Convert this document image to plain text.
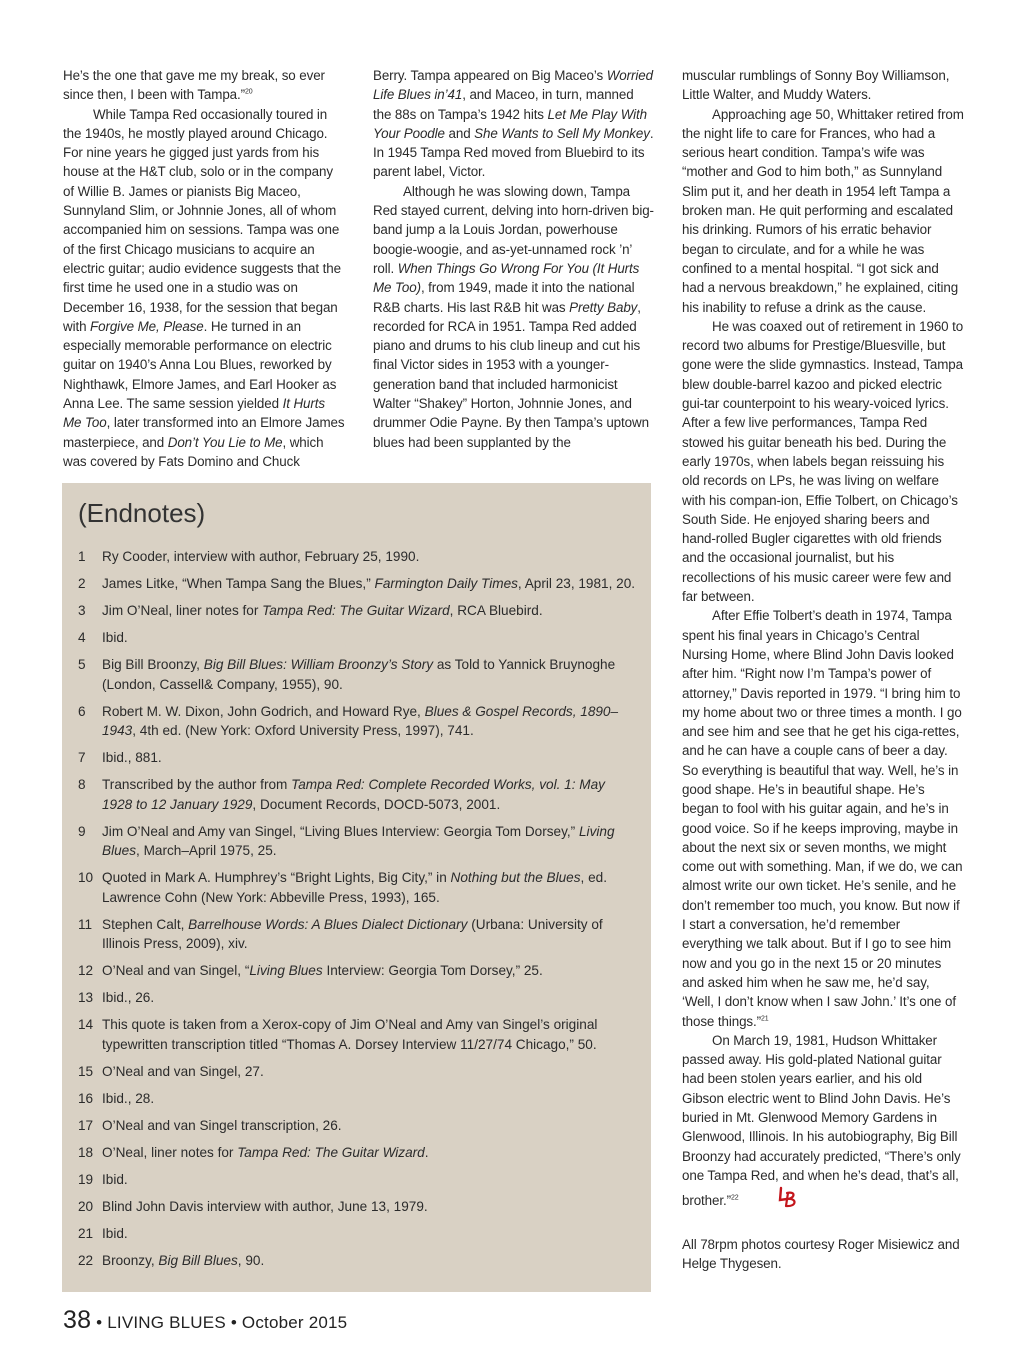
He’s the one that gave me my break, so ever since then, I been with Tampa.”$^{20}$

While Tampa Red occasionally toured in the 1940s, he mostly played around Chicago. For nine years he gigged just yards from his house at the H&T club, solo or in the company of Willie B. James or pianists Big Maceo, Sunnyland Slim, or Johnnie Jones, all of whom accompanied him on sessions. Tampa was one of the first Chicago musicians to acquire an electric guitar; audio evidence suggests that the first time he used one in a studio was on December 16, 1938, for the session that began with Forgive Me, Please. He turned in an especially memorable performance on electric guitar on 1940’s Anna Lou Blues, reworked by Nighthawk, Elmore James, and Earl Hooker as Anna Lee. The same session yielded It Hurts Me Too, later transformed into an Elmore James masterpiece, and Don’t You Lie to Me, which was covered by Fats Domino and Chuck

Berry. Tampa appeared on Big Maceo’s Worried Life Blues in’41, and Maceo, in turn, manned the 88s on Tampa’s 1942 hits Let Me Play With Your Poodle and She Wants to Sell My Monkey. In 1945 Tampa Red moved from Bluebird to its parent label, Victor.

Although he was slowing down, Tampa Red stayed current, delving into horn-driven big-band jump a la Louis Jordan, powerhouse boogie-woogie, and as-yet-unnamed rock ’n’ roll. When Things Go Wrong For You (It Hurts Me Too), from 1949, made it into the national R&B charts. His last R&B hit was Pretty Baby, recorded for RCA in 1951. Tampa Red added piano and drums to his club lineup and cut his final Victor sides in 1953 with a younger-generation band that included harmonicist Walter “Shakey” Horton, Johnnie Jones, and drummer Odie Payne. By then Tampa’s uptown blues had been supplanted by the

muscular rumblings of Sonny Boy Williamson, Little Walter, and Muddy Waters.

Approaching age 50, Whittaker retired from the night life to care for Frances, who had a serious heart condition. Tampa’s wife was “mother and God to him both,” as Sunnyland Slim put it, and her death in 1954 left Tampa a broken man. He quit performing and escalated his drinking. Rumors of his erratic behavior began to circulate, and for a while he was confined to a mental hospital. “I got sick and had a nervous breakdown,” he explained, citing his inability to refuse a drink as the cause.

He was coaxed out of retirement in 1960 to record two albums for Prestige/Bluesville, but gone were the slide gymnastics. Instead, Tampa blew double-barrel kazoo and picked electric gui-tar counterpoint to his weary-voiced lyrics. After a few live performances, Tampa Red stowed his guitar beneath his bed. During the early 1970s, when labels began reissuing his old records on LPs, he was living on welfare with his compan-ion, Effie Tolbert, on Chicago’s South Side. He enjoyed sharing beers and hand-rolled Bugler cigarettes with old friends and the occasional journalist, but his recollections of his music career were few and far between.

After Effie Tolbert’s death in 1974, Tampa spent his final years in Chicago’s Central Nursing Home, where Blind John Davis looked after him. “Right now I’m Tampa’s power of attorney,” Davis reported in 1979. “I bring him to my home about two or three times a month. I go and see him and see that he get his ciga-rettes, and he can have a couple cans of beer a day. So everything is beautiful that way. Well, he’s in good shape. He’s in beautiful shape. He’s began to fool with his guitar again, and he’s in good voice. So if he keeps improving, maybe in about the next six or seven months, we might come out with something. Man, if we do, we can almost write our own ticket. He’s senile, and he don’t remember too much, you know. But now if I start a conversation, he’d remember everything we talk about. But if I go to see him now and you go in the next 15 or 20 minutes and asked him when he saw me, he’d say, ‘Well, I don’t know when I saw John.’ It’s one of those things.”$^{21}$

On March 19, 1981, Hudson Whittaker passed away. His gold-plated National guitar had been stolen years earlier, and his old Gibson electric went to Blind John Davis. He’s buried in Mt. Glenwood Memory Gardens in Glenwood, Illinois. In his autobiography, Big Bill Broonzy had accurately predicted, “There’s only one Tampa Red, and when he’s dead, that’s all, brother.”$^{22}$

All 78rpm photos courtesy Roger Misiewicz and Helge Thygesen.

(Endnotes)
1	Ry Cooder, interview with author, February 25, 1990.
2	James Litke, “When Tampa Sang the Blues,” Farmington Daily Times, April 23, 1981, 20.
3	Jim O’Neal, liner notes for Tampa Red: The Guitar Wizard, RCA Bluebird.
4	Ibid.
5	Big Bill Broonzy, Big Bill Blues: William Broonzy’s Story as Told to Yannick Bruynoghe (London, Cassell& Company, 1955), 90.
6	Robert M. W. Dixon, John Godrich, and Howard Rye, Blues & Gospel Records, 1890–1943, 4th ed. (New York: Oxford University Press, 1997), 741.
7	Ibid., 881.
8	Transcribed by the author from Tampa Red: Complete Recorded Works, vol. 1: May 1928 to 12 January 1929, Document Records, DOCD-5073, 2001.
9	Jim O’Neal and Amy van Singel, “Living Blues Interview: Georgia Tom Dorsey,” Living Blues, March–April 1975, 25.
10 Quoted in Mark A. Humphrey’s “Bright Lights, Big City,” in Nothing but the Blues, ed. Lawrence Cohn (New York: Abbeville Press, 1993), 165.
11 Stephen Calt, Barrelhouse Words: A Blues Dialect Dictionary (Urbana: University of Illinois Press, 2009), xiv.
12 O’Neal and van Singel, “Living Blues Interview: Georgia Tom Dorsey,” 25.
13 Ibid., 26.
14 This quote is taken from a Xerox-copy of Jim O’Neal and Amy van Singel’s original typewritten transcription titled “Thomas A. Dorsey Interview 11/27/74 Chicago,” 50.
15 O’Neal and van Singel, 27.
16 Ibid., 28.
17 O’Neal and van Singel transcription, 26.
18 O’Neal, liner notes for Tampa Red: The Guitar Wizard.
19 Ibid.
20 Blind John Davis interview with author, June 13, 1979.
21 Ibid.
22 Broonzy, Big Bill Blues, 90.
38 • LIVING BLUES • October 2015
